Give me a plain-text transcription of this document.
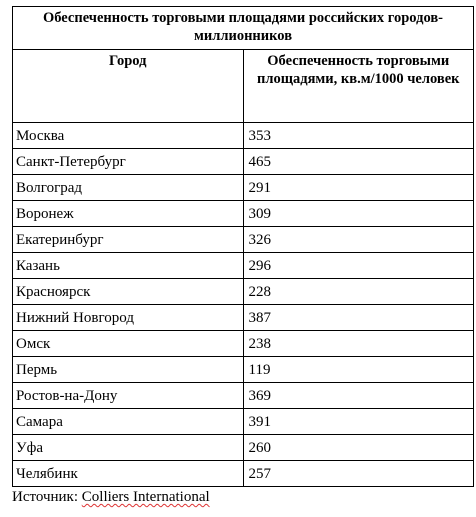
Обеспеченность торговыми площадями российских городов-миллионников	
Город	Обеспеченность торговыми площадями, кв.м/1000 человек
Москва	353
Санкт-Петербург	465
Волгоград	291
Воронеж	309
Екатеринбург	326
Казань	296
Красноярск	228
Нижний Новгород	387
Омск	238
Пермь	119
Ростов-на-Дону	369
Самара	391
Уфа	260
Челябинк	257
Источник: Colliers International
